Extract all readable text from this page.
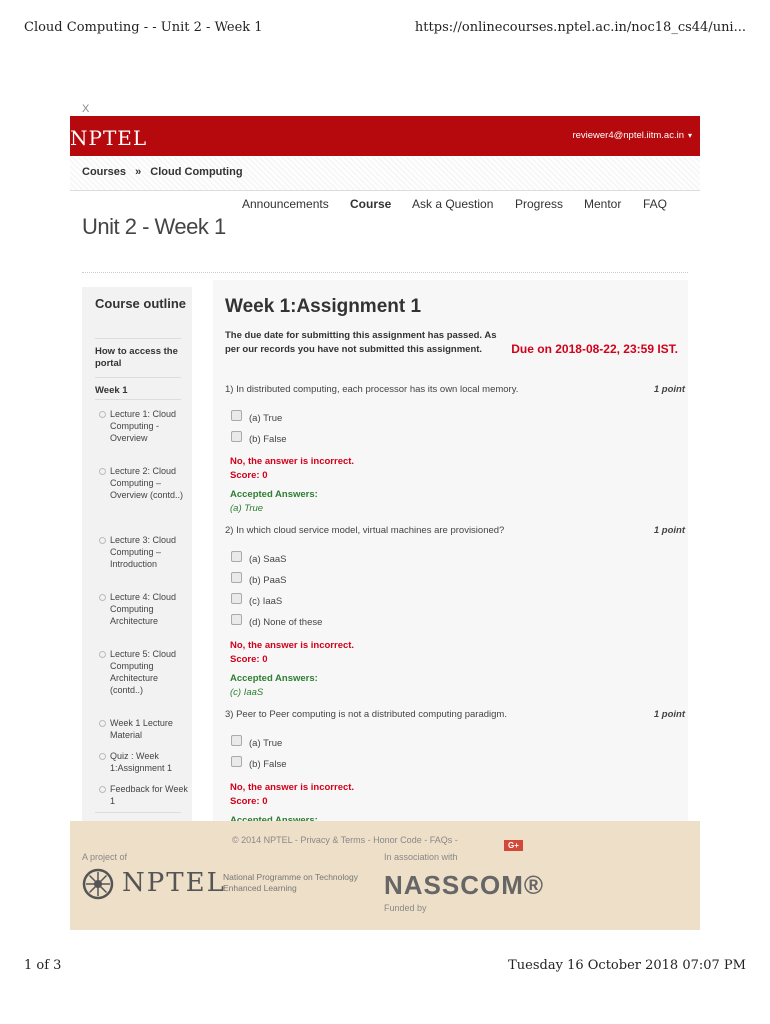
Cloud Computing - - Unit 2 - Week 1	https://onlinecourses.nptel.ac.in/noc18_cs44/uni...
X
NPTEL	reviewer4@nptel.iitm.ac.in ▾
Courses » Cloud Computing
Announcements Course Ask a Question Progress Mentor FAQ
Unit 2 - Week 1
Course outline
How to access the portal
Week 1
Lecture 1: Cloud Computing - Overview
Lecture 2: Cloud Computing – Overview (contd..)
Lecture 3: Cloud Computing – Introduction
Lecture 4: Cloud Computing Architecture
Lecture 5: Cloud Computing Architecture (contd..)
Week 1 Lecture Material
Quiz : Week 1:Assignment 1
Feedback for Week 1
Week 1:Assignment 1
The due date for submitting this assignment has passed. As per our records you have not submitted this assignment.	Due on 2018-08-22, 23:59 IST.
1) In distributed computing, each processor has its own local memory.	1 point
(a) True
(b) False
No, the answer is incorrect.
Score: 0
Accepted Answers:
(a) True
2) In which cloud service model, virtual machines are provisioned?	1 point
(a) SaaS
(b) PaaS
(c) IaaS
(d) None of these
No, the answer is incorrect.
Score: 0
Accepted Answers:
(c) IaaS
3) Peer to Peer computing is not a distributed computing paradigm.	1 point
(a) True
(b) False
No, the answer is incorrect.
Score: 0
© 2014 NPTEL - Privacy & Terms - Honor Code - FAQs -
G+
A project of	In association with
NPTEL
National Programme on Technology Enhanced Learning	NASSCOM®
Funded by
1 of 3	Tuesday 16 October 2018 07:07 PM
